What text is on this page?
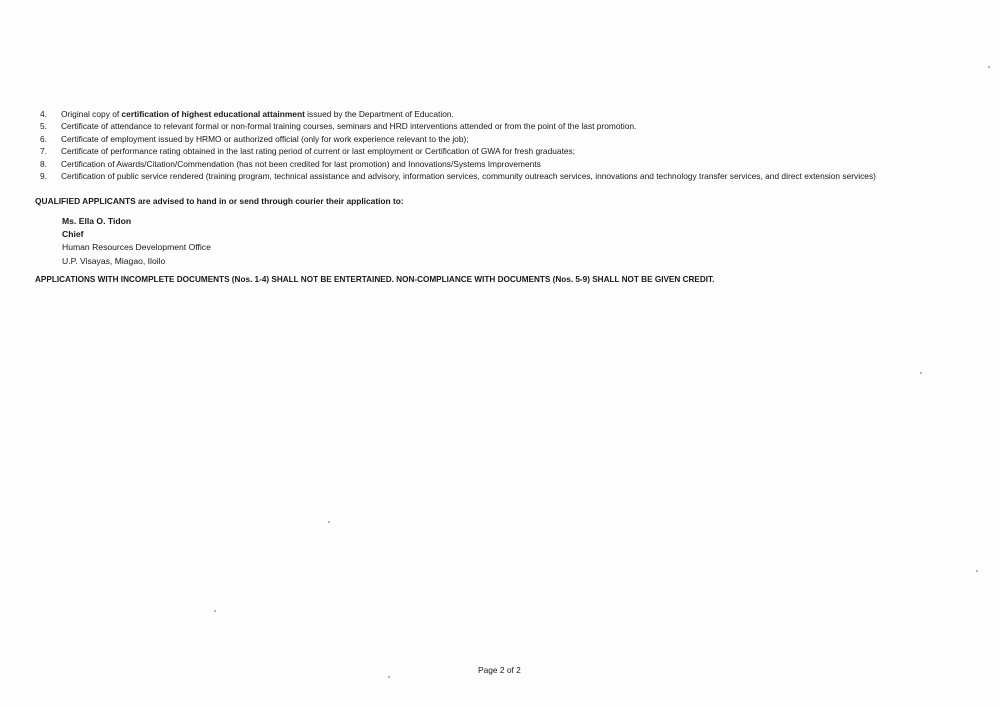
4.	Original copy of certification of highest educational attainment issued by the Department of Education.
5.	Certificate of attendance to relevant formal or non-formal training courses, seminars and HRD interventions attended or from the point of the last promotion.
6.	Certificate of employment issued by HRMO or authorized official (only for work experience relevant to the job);
7.	Certificate of performance rating obtained in the last rating period of current or last employment or Certification of GWA for fresh graduates;
8.	Certification of Awards/Citation/Commendation (has not been credited for last promotion) and Innovations/Systems Improvements
9.	Certification of public service rendered (training program, technical assistance and advisory, information services, community outreach services, innovations and technology transfer services, and direct extension services)
QUALIFIED APPLICANTS are advised to hand in or send through courier their application to:
Ms. Ella O. Tidon
Chief
Human Resources Development Office
U.P. Visayas, Miagao, Iloilo
APPLICATIONS WITH INCOMPLETE DOCUMENTS (Nos. 1-4) SHALL NOT BE ENTERTAINED. NON-COMPLIANCE WITH DOCUMENTS (Nos. 5-9) SHALL NOT BE GIVEN CREDIT.
Page 2 of 2
